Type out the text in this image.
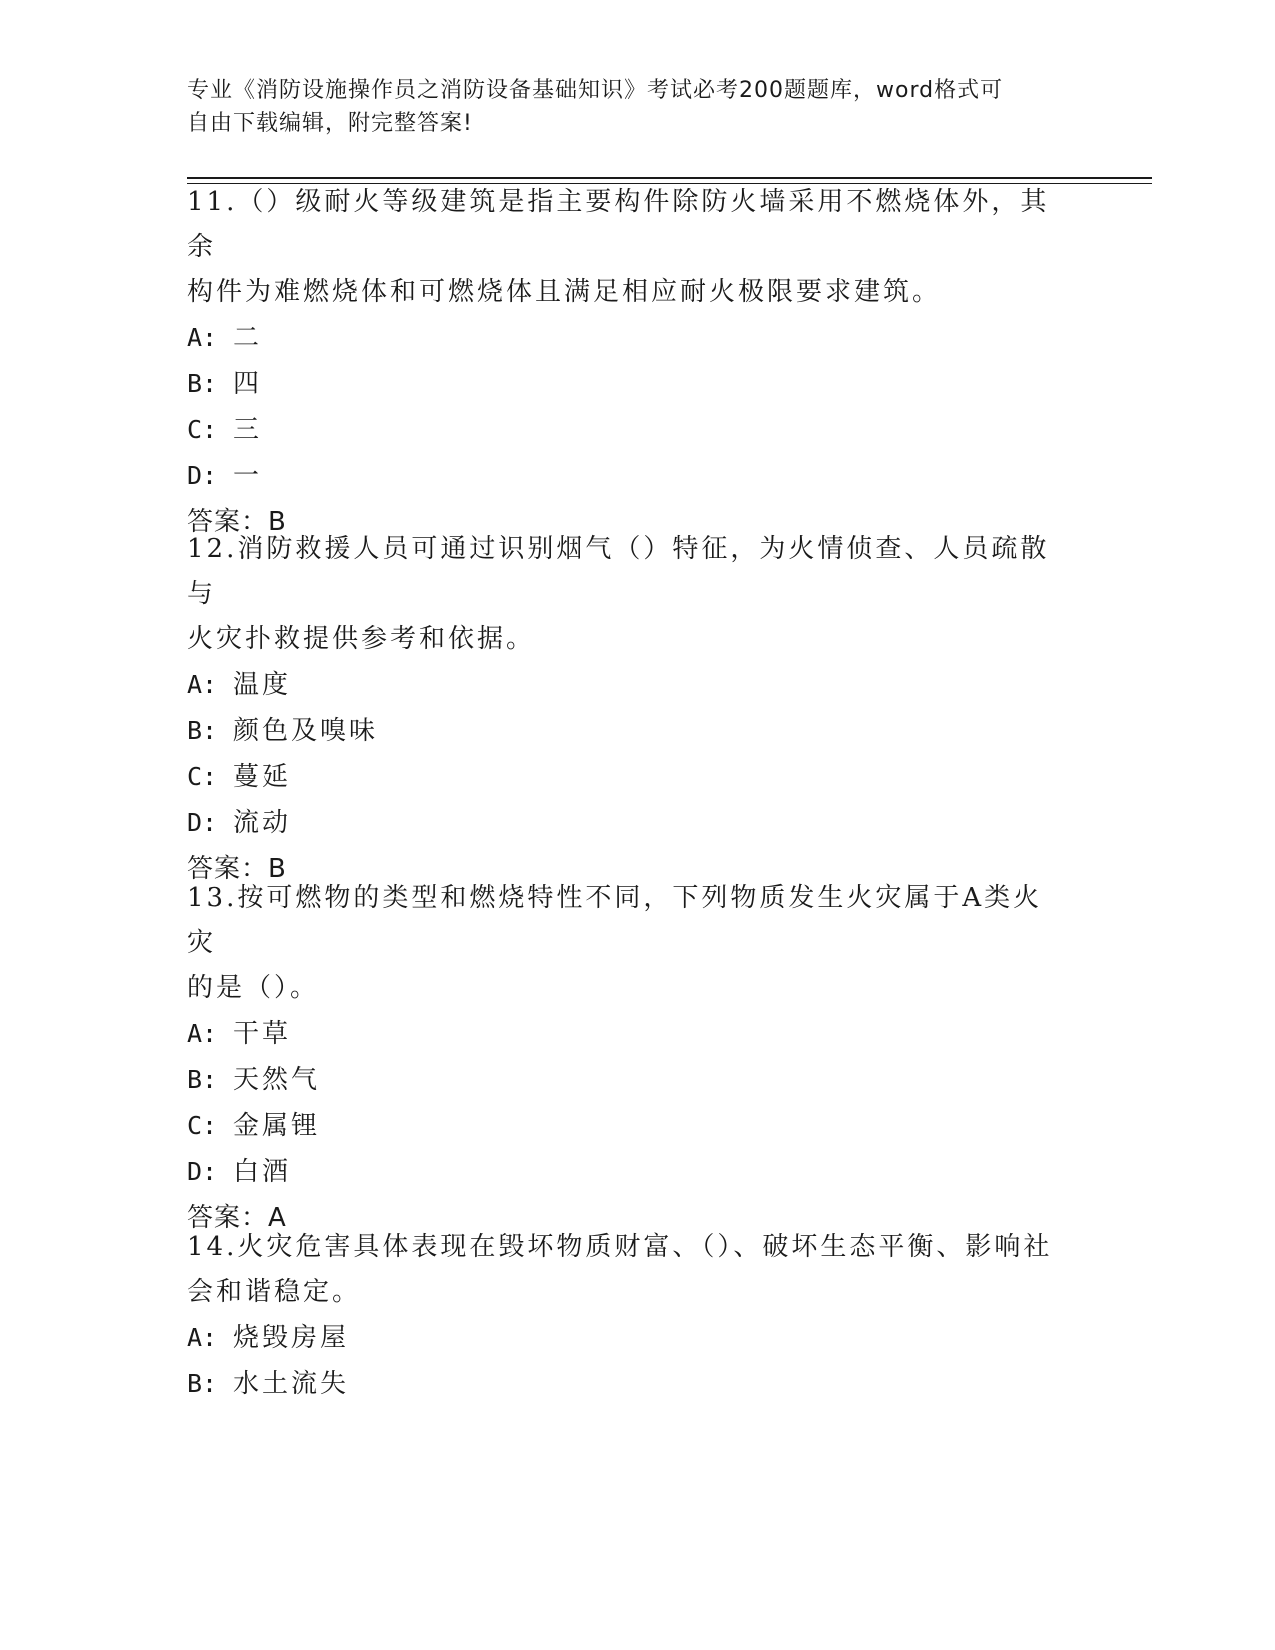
专业《消防设施操作员之消防设备基础知识》考试必考200题题库，word格式可
自由下载编辑，附完整答案!

11.（）级耐火等级建筑是指主要构件除防火墙采用不燃烧体外，其余

构件为难燃烧体和可燃烧体且满足相应耐火极限要求建筑。

A: 二

B: 四

C: 三

D: 一

答案：B

12.消防救援人员可通过识别烟气（）特征，为火情侦查、人员疏散与

火灾扑救提供参考和依据。

A: 温度

B: 颜色及嗅味

C: 蔓延

D: 流动

答案：B

13.按可燃物的类型和燃烧特性不同，下列物质发生火灾属于A类火灾

的是（）。

A: 干草

B: 天然气

C: 金属锂

D: 白酒

答案：A

14.火灾危害具体表现在毁坏物质财富、（）、破坏生态平衡、影响社

会和谐稳定。

A: 烧毁房屋

B: 水土流失
